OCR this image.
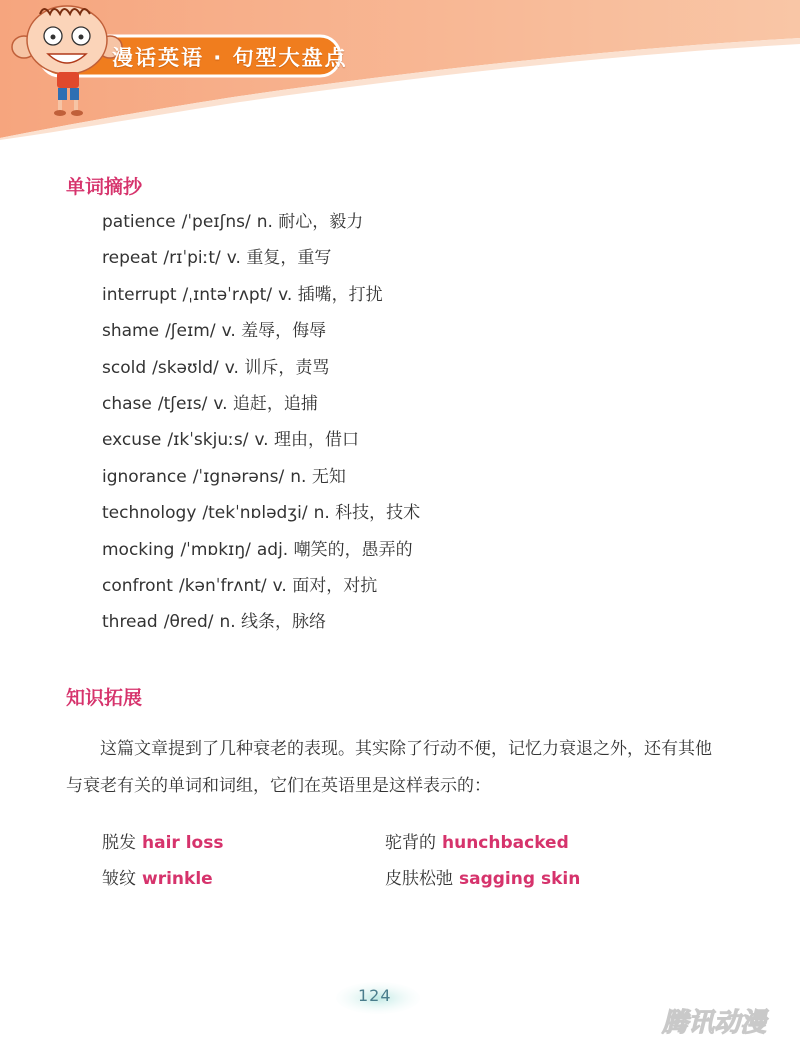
漫话英语 · 句型大盘点
单词摘抄
patience /ˈpeɪʃns/ n. 耐心，毅力
repeat /rɪˈpiːt/ v. 重复，重写
interrupt /ˌɪntəˈrʌpt/ v. 插嘴，打扰
shame /ʃeɪm/ v. 羞辱，侮辱
scold /skəʊld/ v. 训斥，责骂
chase /tʃeɪs/ v. 追赶，追捕
excuse /ɪkˈskjuːs/ v. 理由，借口
ignorance /ˈɪgnərəns/ n. 无知
technology /tekˈnɒlədʒi/ n. 科技，技术
mocking /ˈmɒkɪŋ/ adj. 嘲笑的，愚弄的
confront /kənˈfrʌnt/ v. 面对，对抗
thread /θred/ n. 线条，脉络
知识拓展

这篇文章提到了几种衰老的表现。其实除了行动不便，记忆力衰退之外，还有其他与衰老有关的单词和词组，它们在英语里是这样表示的：

脱发 hair loss	驼背的 hunchbacked
皱纹 wrinkle	皮肤松弛 sagging skin
124
腾讯动漫
